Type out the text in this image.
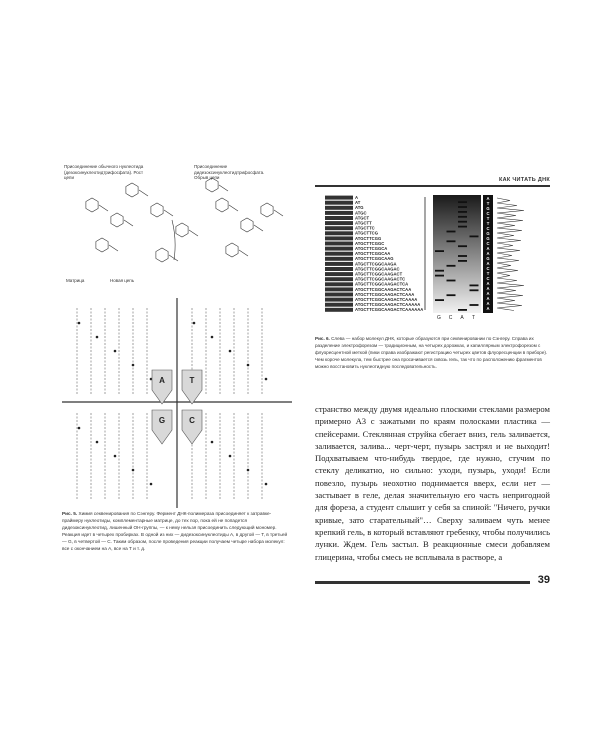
Присоединение обычного нуклеотида (дезоксинуклеотидтрифосфата). Рост цепи
Присоединение дидезоксинуклеотидтрифосфата. Обрыв цепи
Матрица	Новая цепь
A	T
G	C
Рис. 5. Химия секвенирования по Сэнгеру. Фермент ДНК-полимераза присоединяет к затравке-праймеру нуклеотиды, комплементарные матрице, до тех пор, пока ей не попадется дидезоксинуклеотид, лишенный OH-группы, — к нему нельзя присоединить следующий мономер. Реакция идет в четырех пробирках. В одной из них — дидезоксинуклеотиды A, в другой — T, в третьей — G, в четвертой — C. Таким образом, после проведения реакции получаем четыре набора молекул: все с окончанием на A, все на T и т. д.
КАК ЧИТАТЬ ДНК
A
AT
ATG
ATGC
ATGCT
ATGCTT
ATGCTTC
ATGCTTCG
ATGCTTCGG
ATGCTTCGGC
ATGCTTCGGCA
ATGCTTCGGCAA
ATGCTTCGGCAAG
ATGCTTCGGCAAGA
ATGCTTCGGCAAGAC
ATGCTTCGGCAAGACT
ATGCTTCGGCAAGACTC
ATGCTTCGGCAAGACTCA
ATGCTTCGGCAAGACTCAA
ATGCTTCGGCAAGACTCAAA
ATGCTTCGGCAAGACTCAAAA
ATGCTTCGGCAAGACTCAAAAA
ATGCTTCGGCAAGACTCAAAAAA
G C A T
A
T
G
C
T
T
C
G
G
C
A
A
G
A
C
T
C
A
A
A
A
A
A
Рис. 6. Слева — набор молекул ДНК, которые образуются при секвенировании по Сэнгеру. Справа их разделение электрофорезом — традиционным, на четырех дорожках, и капиллярным электрофорезом с флуоресцентной меткой (пики справа изображают регистрацию четырех цветов флуоресценции в приборе). Чем короче молекула, тем быстрее она просачивается сквозь гель, так что по расположению фрагментов можно восстановить нуклеотидную последовательность.

странство между двумя идеально плоскими стеклами размером примерно А3 с зажатыми по краям полосками пластика — спейсерами. Стеклянная струйка сбегает вниз, гель заливается, заливается, залива... черт-черт, пузырь застрял и не выходит! Подхватываем что-нибудь твердое, где нужно, стучим по стеклу деликатно, но сильно: уходи, пузырь, уходи! Если повезло, пузырь неохотно поднимается вверх, если нет — застывает в геле, делая значительную его часть непригодной для фореза, а студент слышит у себя за спиной: "Ничего, ручки кривые, зато старательный"… Сверху заливаем чуть менее крепкий гель, в который вставляют гребенку, чтобы получились лунки. Ждем. Гель застыл. В реакционные смеси добавляем глицерина, чтобы смесь не всплывала в растворе, а

39
